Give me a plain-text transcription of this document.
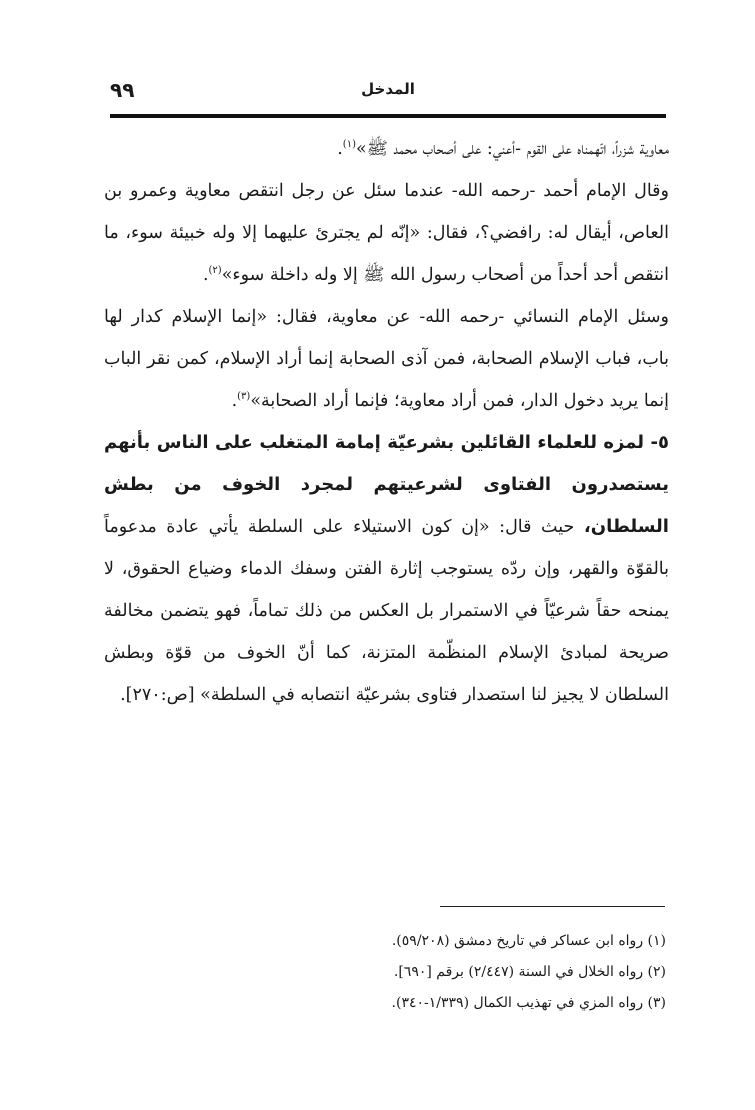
٩٩	المدخل

معاوية شزراً، اتّهمناه على القوم -أعني: على أصحاب محمد ﷺ»$^{(١)}$.

وقال الإمام أحمد -رحمه الله- عندما سئل عن رجل انتقص معاوية وعمرو بن العاص، أيقال له: رافضي؟، فقال: «إنّه لم يجترئ عليهما إلا وله خبيئة سوء، ما انتقص أحد أحداً من أصحاب رسول الله ﷺ إلا وله داخلة سوء»$^{(٢)}$.

وسئل الإمام النسائي -رحمه الله- عن معاوية، فقال: «إنما الإسلام كدار لها باب، فباب الإسلام الصحابة، فمن آذى الصحابة إنما أراد الإسلام، كمن نقر الباب إنما يريد دخول الدار، فمن أراد معاوية؛ فإنما أراد الصحابة»$^{(٣)}$.

٥- لمزه للعلماء القائلين بشرعيّة إمامة المتغلب على الناس بأنهم يستصدرون الفتاوى لشرعيتهم لمجرد الخوف من بطش السلطان، حيث قال: «إن كون الاستيلاء على السلطة يأتي عادة مدعوماً بالقوّة والقهر، وإن ردّه يستوجب إثارة الفتن وسفك الدماء وضياع الحقوق، لا يمنحه حقاً شرعيّاً في الاستمرار بل العكس من ذلك تماماً، فهو يتضمن مخالفة صريحة لمبادئ الإسلام المنظّمة المتزنة، كما أنّ الخوف من قوّة وبطش السلطان لا يجيز لنا استصدار فتاوى بشرعيّة انتصابه في السلطة» [ص:٢٧٠].

(١) رواه ابن عساكر في تاريخ دمشق (٥٩/٢٠٨).

(٢) رواه الخلال في السنة (٢/٤٤٧) برقم [٦٩٠].

(٣) رواه المزي في تهذيب الكمال (١/٣٣٩-٣٤٠).
